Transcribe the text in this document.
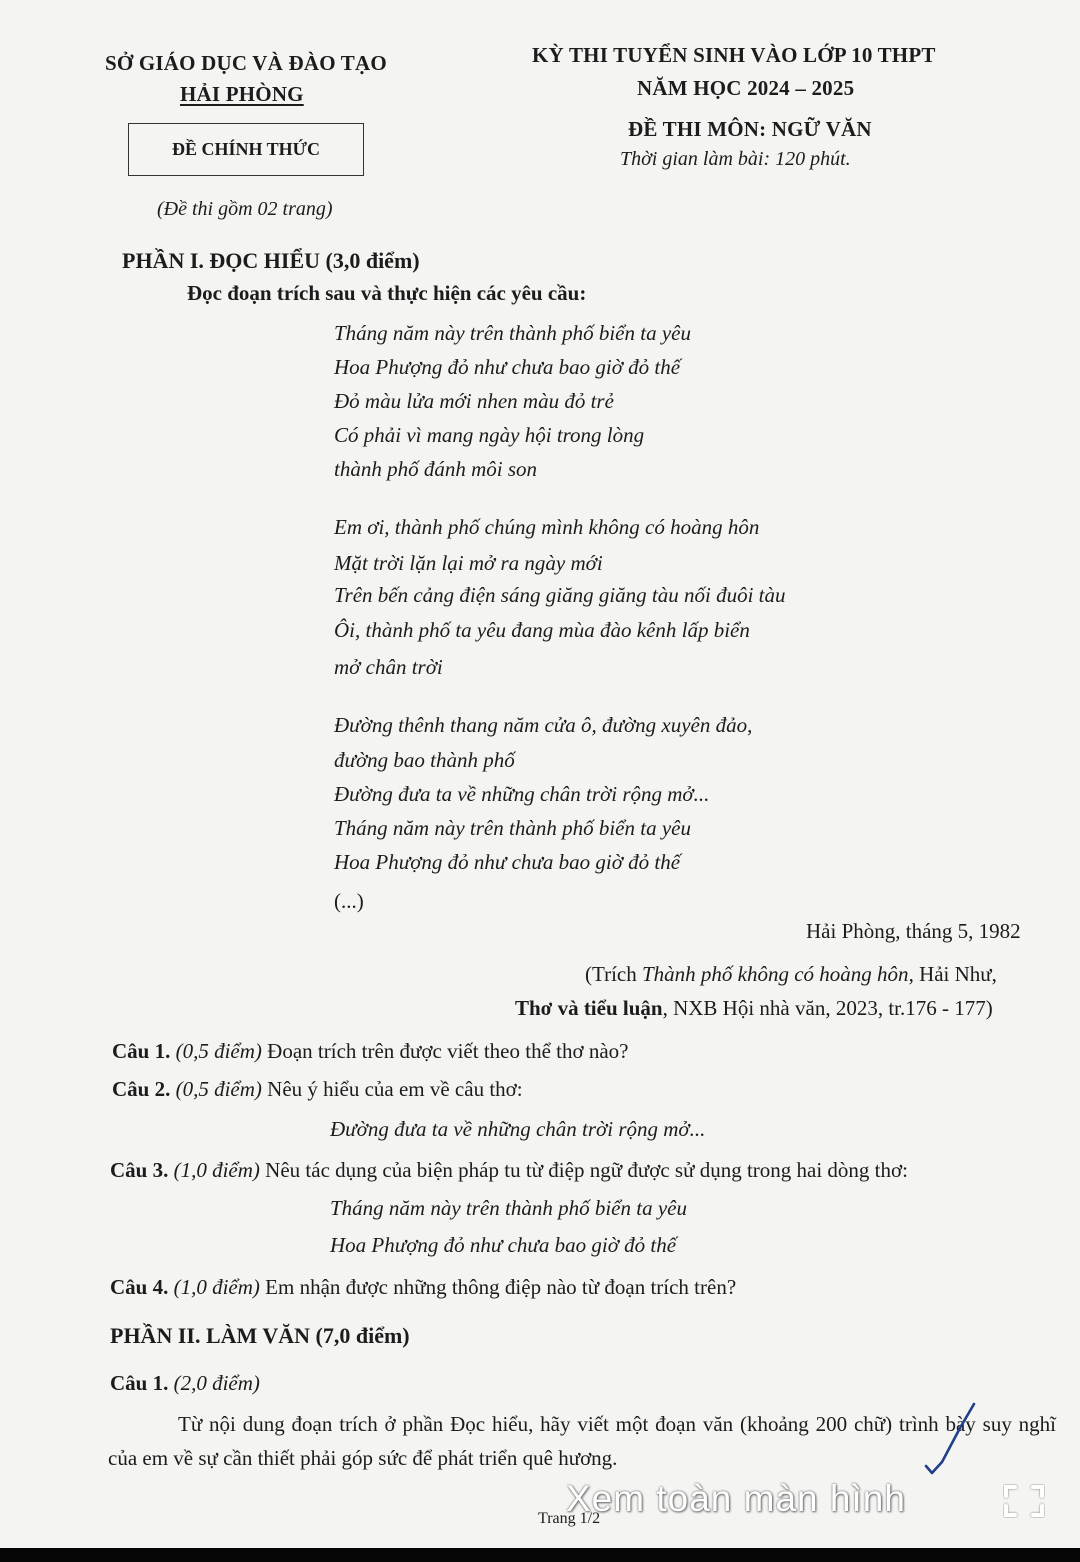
SỞ GIÁO DỤC VÀ ĐÀO TẠO
HẢI PHÒNG
ĐỀ CHÍNH THỨC
(Đề thi gồm 02 trang)
KỲ THI TUYỂN SINH VÀO LỚP 10 THPT
NĂM HỌC 2024 – 2025
ĐỀ THI MÔN: NGỮ VĂN
Thời gian làm bài: 120 phút.
PHẦN I. ĐỌC HIỂU (3,0 điểm)
Đọc đoạn trích sau và thực hiện các yêu cầu:
Tháng năm này trên thành phố biển ta yêu
Hoa Phượng đỏ như chưa bao giờ đỏ thế
Đỏ màu lửa mới nhen màu đỏ trẻ
Có phải vì mang ngày hội trong lòng
thành phố đánh môi son
Em ơi, thành phố chúng mình không có hoàng hôn
Mặt trời lặn lại mở ra ngày mới
Trên bến cảng điện sáng giăng giăng tàu nối đuôi tàu
Ôi, thành phố ta yêu đang mùa đào kênh lấp biển
mở chân trời
Đường thênh thang năm cửa ô, đường xuyên đảo,
đường bao thành phố
Đường đưa ta về những chân trời rộng mở...
Tháng năm này trên thành phố biển ta yêu
Hoa Phượng đỏ như chưa bao giờ đỏ thế
(...)
Hải Phòng, tháng 5, 1982
(Trích Thành phố không có hoàng hôn, Hải Như,
Thơ và tiểu luận, NXB Hội nhà văn, 2023, tr.176 - 177)
Câu 1. (0,5 điểm) Đoạn trích trên được viết theo thể thơ nào?
Câu 2. (0,5 điểm) Nêu ý hiểu của em về câu thơ:
Đường đưa ta về những chân trời rộng mở...
Câu 3. (1,0 điểm) Nêu tác dụng của biện pháp tu từ điệp ngữ được sử dụng trong hai dòng thơ:
Tháng năm này trên thành phố biển ta yêu
Hoa Phượng đỏ như chưa bao giờ đỏ thế
Câu 4. (1,0 điểm) Em nhận được những thông điệp nào từ đoạn trích trên?
PHẦN II. LÀM VĂN (7,0 điểm)
Câu 1. (2,0 điểm)
Từ nội dung đoạn trích ở phần Đọc hiểu, hãy viết một đoạn văn (khoảng 200 chữ) trình bày suy nghĩ của em về sự cần thiết phải góp sức để phát triển quê hương.
Trang 1/2
Xem toàn màn hình
